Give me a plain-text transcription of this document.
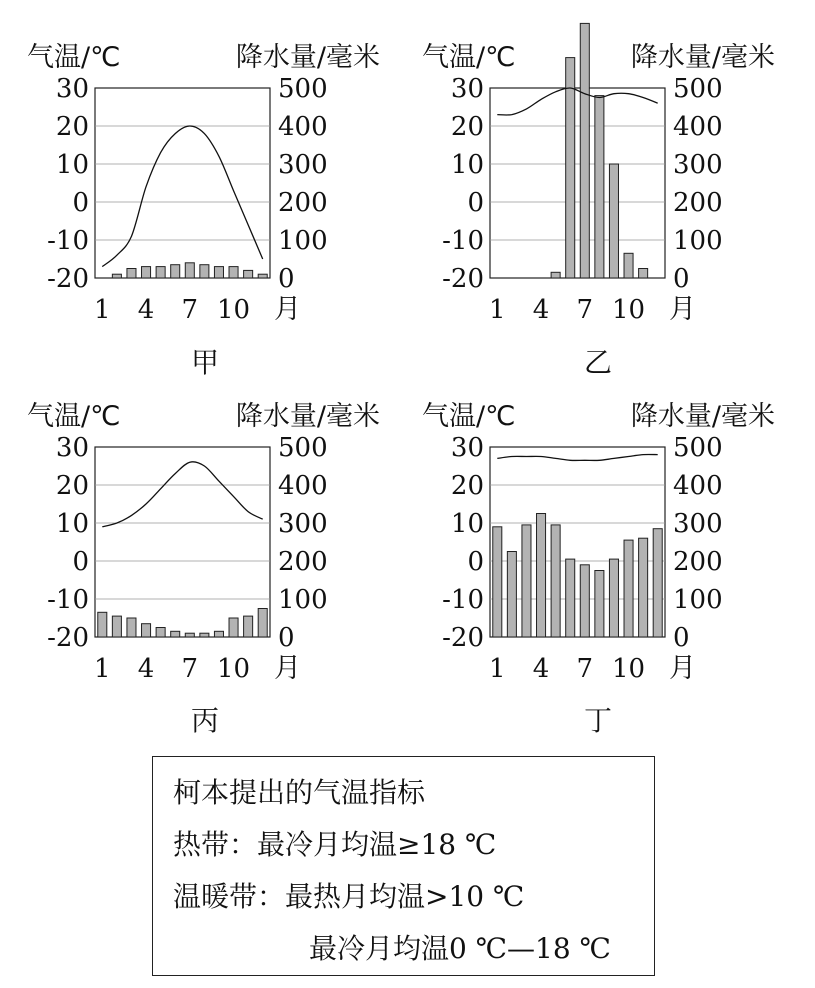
30
20
10
0
-10
-20
500
400
300
200
100
0
气温/℃	降水量/毫米
1 4 7 10 月
甲
30
20
10
0
-10
-20
500
400
300
200
100
0
气温/℃	降水量/毫米
1 4 7 10 月
乙
30
20
10
0
-10
-20
500
400
300
200
100
0
气温/℃	降水量/毫米
1 4 7 10 月
丙
30
20
10
0
-10
-20
500
400
300
200
100
0
气温/℃	降水量/毫米
1 4 7 10 月
丁
柯本提出的气温指标
热带：最冷月均温≥18 ℃
温暖带：最热月均温>10 ℃
最冷月均温0 ℃—18 ℃
